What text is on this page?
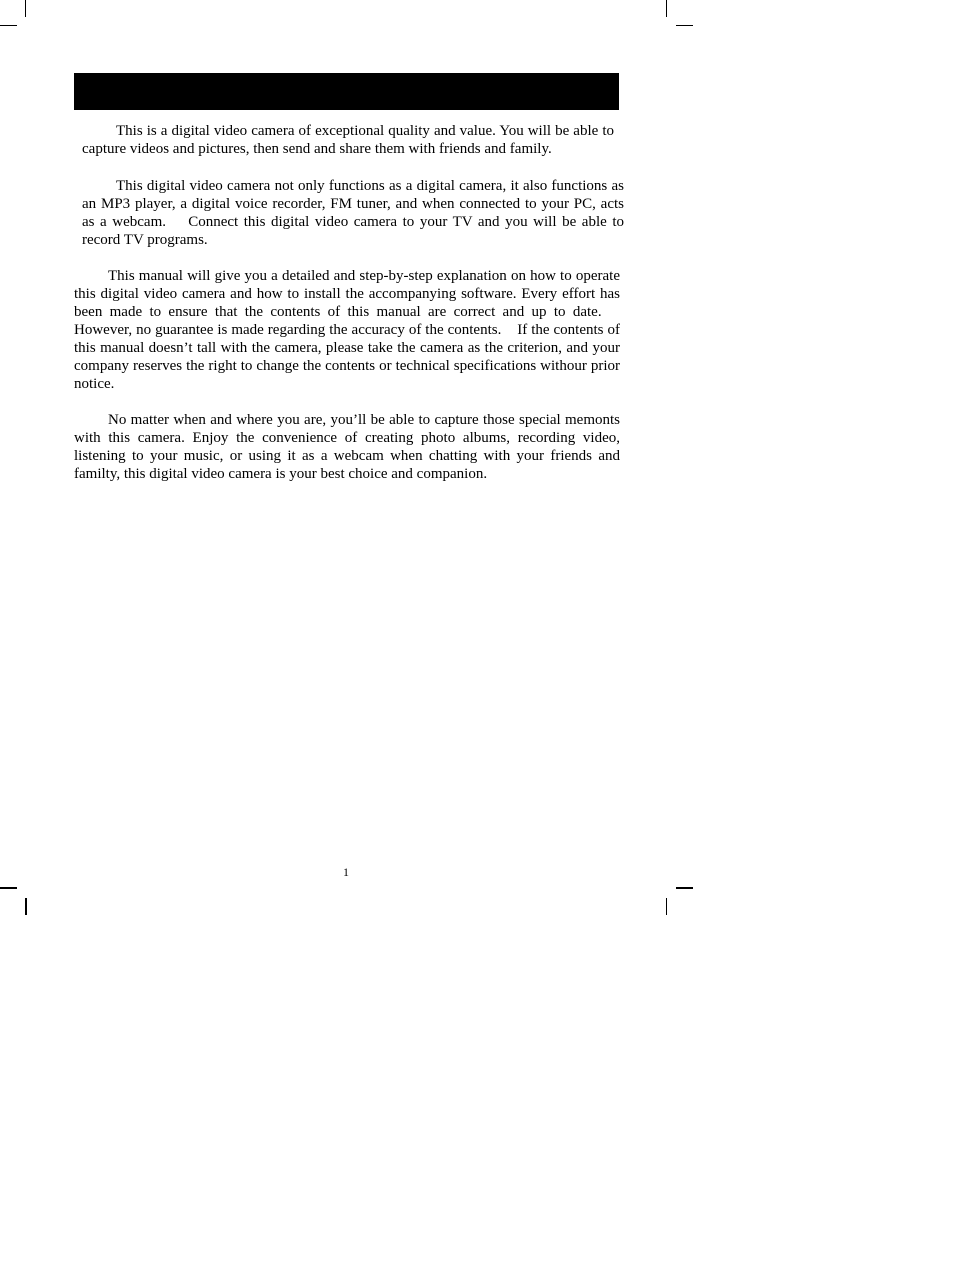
This is a digital video camera of exceptional quality and value. You will be able to capture videos and pictures, then send and share them with friends and family.

This digital video camera not only functions as a digital camera, it also functions as an MP3 player, a digital voice recorder, FM tuner, and when connected to your PC, acts as a webcam.    Connect this digital video camera to your TV and you will be able to record TV programs.

This manual will give you a detailed and step-by-step explanation on how to operate this digital video camera and how to install the accompanying software. Every effort has been made to ensure that the contents of this manual are correct and up to date.    However, no guarantee is made regarding the accuracy of the contents.    If the contents of this manual doesn’t tall with the camera, please take the camera as the criterion, and your company reserves the right to change the contents or technical specifications withour prior notice.

No matter when and where you are, you’ll be able to capture those special memonts with this camera. Enjoy the convenience of creating photo albums, recording video, listening to your music, or using it as a webcam when chatting with your friends and familty, this digital video camera is your best choice and companion.

1
